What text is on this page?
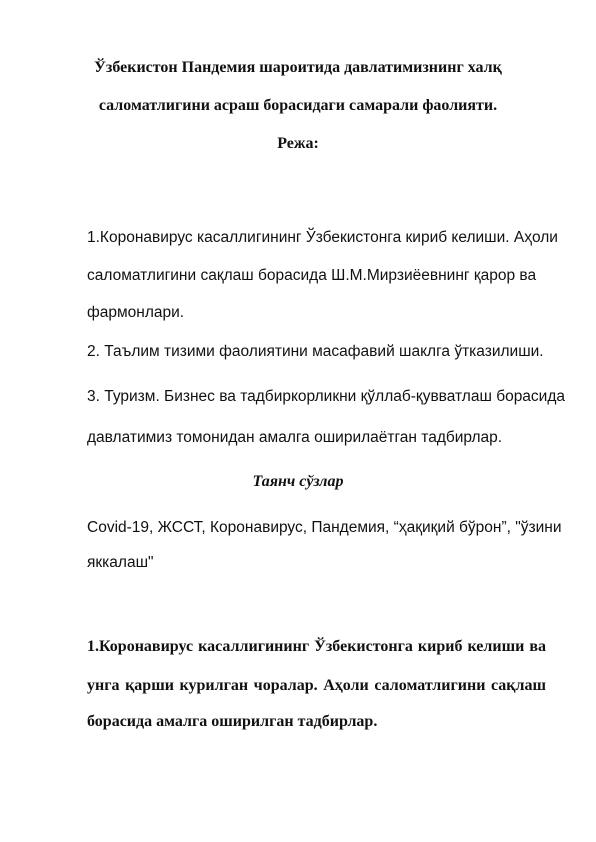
Ўзбекистон Пандемия шароитида давлатимизнинг халқ
саломатлигини асраш борасидаги самарали фаолияти.
Режа:
1.Коронавирус касаллигининг Ўзбекистонга кириб келиши. Аҳоли
саломатлигини сақлаш борасида Ш.М.Мирзиёевнинг қарор ва
фармонлари.
2. Таълим тизими фаолиятини масафавий шаклга ўтказилиши.
3. Туризм. Бизнес ва тадбиркорликни қўллаб-қувватлаш борасида
давлатимиз томонидан амалга оширилаётган тадбирлар.
Таянч сўзлар
Covid-19, ЖССТ, Коронавирус, Пандемия, “ҳақиқий бўрон”, "ўзини
яккалаш"
1.Коронавирус касаллигининг Ўзбекистонга кириб келиши ва
унга қарши курилган чоралар. Аҳоли саломатлигини сақлаш
борасида амалга оширилган тадбирлар.
